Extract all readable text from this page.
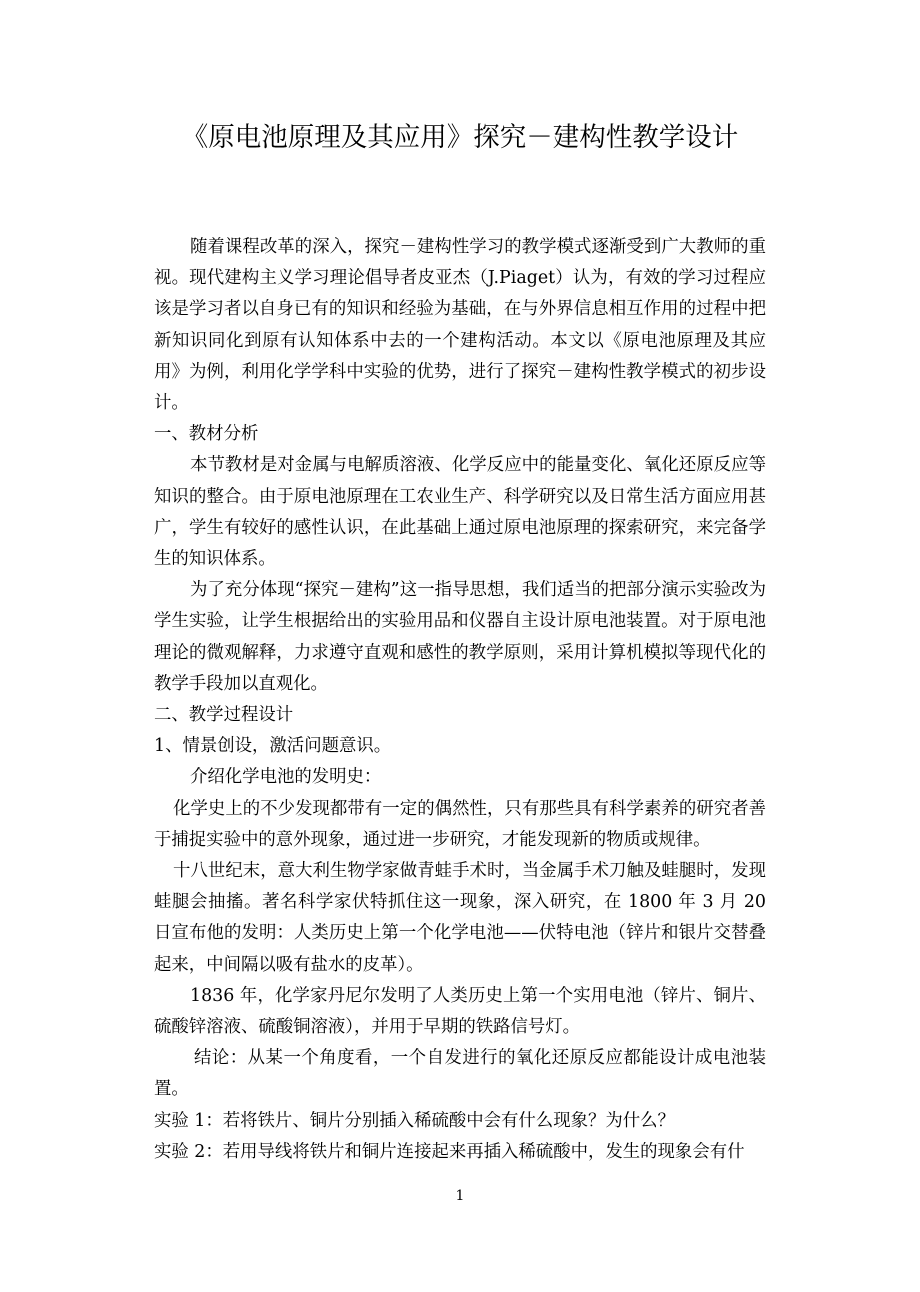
《原电池原理及其应用》探究－建构性教学设计

随着课程改革的深入，探究－建构性学习的教学模式逐渐受到广大教师的重视。现代建构主义学习理论倡导者皮亚杰（J.Piaget）认为，有效的学习过程应该是学习者以自身已有的知识和经验为基础，在与外界信息相互作用的过程中把新知识同化到原有认知体系中去的一个建构活动。本文以《原电池原理及其应用》为例，利用化学学科中实验的优势，进行了探究－建构性教学模式的初步设计。

一、教材分析

本节教材是对金属与电解质溶液、化学反应中的能量变化、氧化还原反应等知识的整合。由于原电池原理在工农业生产、科学研究以及日常生活方面应用甚广，学生有较好的感性认识，在此基础上通过原电池原理的探索研究，来完备学生的知识体系。

为了充分体现“探究－建构”这一指导思想，我们适当的把部分演示实验改为学生实验，让学生根据给出的实验用品和仪器自主设计原电池装置。对于原电池理论的微观解释，力求遵守直观和感性的教学原则，采用计算机模拟等现代化的教学手段加以直观化。

二、教学过程设计

1、情景创设，激活问题意识。

介绍化学电池的发明史：

化学史上的不少发现都带有一定的偶然性，只有那些具有科学素养的研究者善于捕捉实验中的意外现象，通过进一步研究，才能发现新的物质或规律。

十八世纪末，意大利生物学家做青蛙手术时，当金属手术刀触及蛙腿时，发现蛙腿会抽搐。著名科学家伏特抓住这一现象，深入研究，在 1800 年 3 月 20 日宣布他的发明：人类历史上第一个化学电池——伏特电池（锌片和银片交替叠起来，中间隔以吸有盐水的皮革）。

1836 年，化学家丹尼尔发明了人类历史上第一个实用电池（锌片、铜片、硫酸锌溶液、硫酸铜溶液），并用于早期的铁路信号灯。

结论：从某一个角度看，一个自发进行的氧化还原反应都能设计成电池装置。

实验 1：若将铁片、铜片分别插入稀硫酸中会有什么现象？为什么？

实验 2：若用导线将铁片和铜片连接起来再插入稀硫酸中，发生的现象会有什

1
